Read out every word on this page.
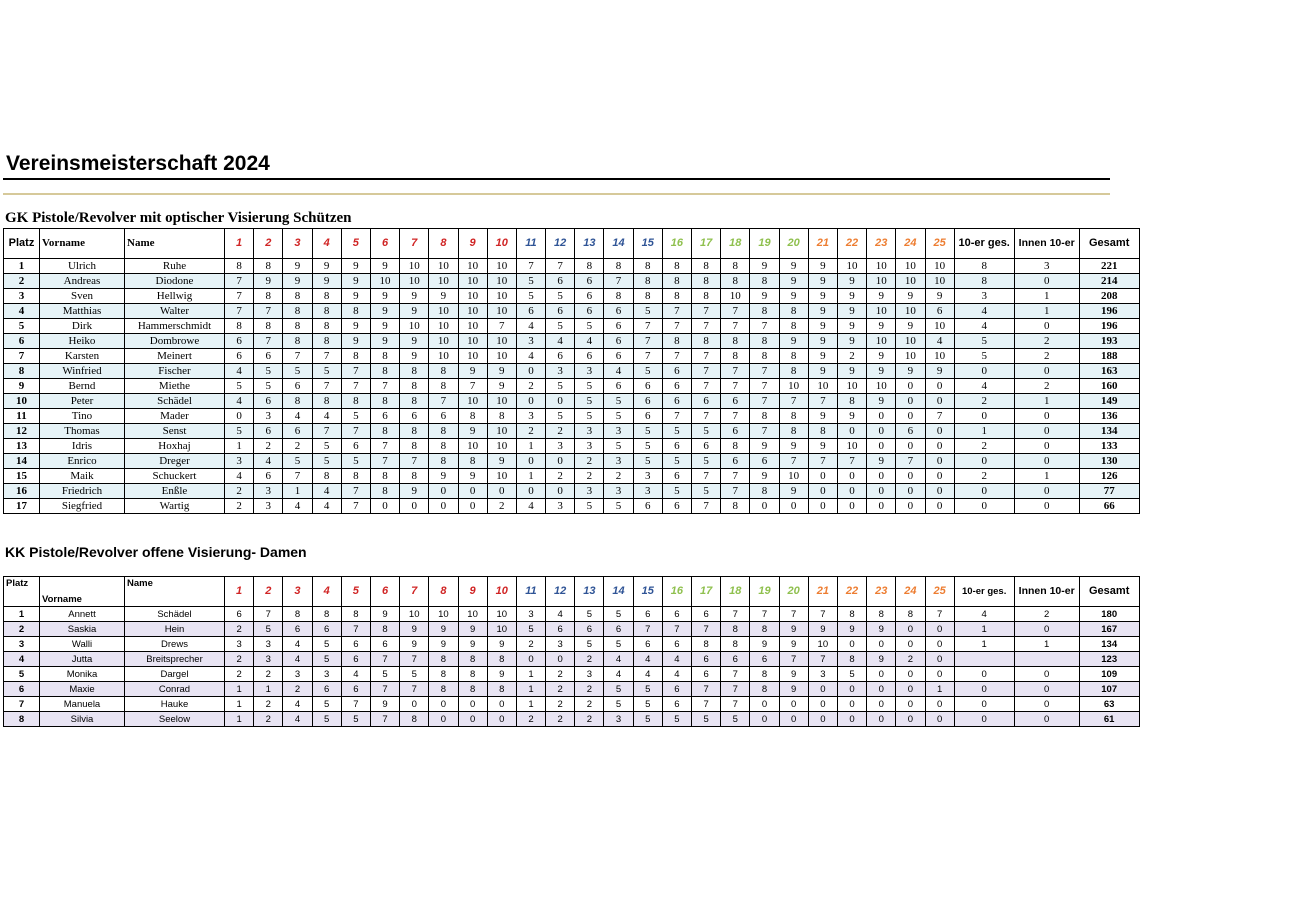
Vereinsmeisterschaft 2024
GK Pistole/Revolver mit optischer Visierung Schützen
Platz	Vorname	Name	1	2	3	4	5	6	7	8	9	10	11	12	13	14	15	16	17	18	19	20	21	22	23	24	25	10-er ges.	Innen 10-er	Gesamt
1	Ulrich	Ruhe	8	8	9	9	9	9	10	10	10	10	7	7	8	8	8	8	8	8	9	9	9	10	10	10	10	8	3	221
2	Andreas	Diodone	7	9	9	9	9	10	10	10	10	10	5	6	6	7	8	8	8	8	8	9	9	9	10	10	10	8	0	214
3	Sven	Hellwig	7	8	8	8	9	9	9	9	10	10	5	5	6	8	8	8	8	10	9	9	9	9	9	9	9	3	1	208
4	Matthias	Walter	7	7	8	8	8	9	9	10	10	10	6	6	6	6	5	7	7	7	8	8	9	9	10	10	6	4	1	196
5	Dirk	Hammerschmidt	8	8	8	8	9	9	10	10	10	7	4	5	5	6	7	7	7	7	7	8	9	9	9	9	10	4	0	196
6	Heiko	Dombrowe	6	7	8	8	9	9	9	10	10	10	3	4	4	6	7	8	8	8	8	9	9	9	10	10	4	5	2	193
7	Karsten	Meinert	6	6	7	7	8	8	9	10	10	10	4	6	6	6	7	7	7	8	8	8	9	2	9	10	10	5	2	188
8	Winfried	Fischer	4	5	5	5	7	8	8	8	9	9	0	3	3	4	5	6	7	7	7	8	9	9	9	9	9	0	0	163
9	Bernd	Miethe	5	5	6	7	7	7	8	8	7	9	2	5	5	6	6	6	7	7	7	10	10	10	10	0	0	4	2	160
10	Peter	Schädel	4	6	8	8	8	8	8	7	10	10	0	0	5	5	6	6	6	6	7	7	7	8	9	0	0	2	1	149
11	Tino	Mader	0	3	4	4	5	6	6	6	8	8	3	5	5	5	6	7	7	7	8	8	9	9	0	0	7	0	0	136
12	Thomas	Senst	5	6	6	7	7	8	8	8	9	10	2	2	3	3	5	5	5	6	7	8	8	0	0	6	0	1	0	134
13	Idris	Hoxhaj	1	2	2	5	6	7	8	8	10	10	1	3	3	5	5	6	6	8	9	9	9	10	0	0	0	2	0	133
14	Enrico	Dreger	3	4	5	5	5	7	7	8	8	9	0	0	2	3	5	5	5	6	6	7	7	7	9	7	0	0	0	130
15	Maik	Schuckert	4	6	7	8	8	8	8	9	9	10	1	2	2	2	3	6	7	7	9	10	0	0	0	0	0	2	1	126
16	Friedrich	Enßle	2	3	1	4	7	8	9	0	0	0	0	0	3	3	3	5	5	7	8	9	0	0	0	0	0	0	0	77
17	Siegfried	Wartig	2	3	4	4	7	0	0	0	0	2	4	3	5	5	6	6	7	8	0	0	0	0	0	0	0	0	0	66
KK Pistole/Revolver offene Visierung- Damen
Platz	Vorname	Name	1	2	3	4	5	6	7	8	9	10	11	12	13	14	15	16	17	18	19	20	21	22	23	24	25	10-er ges.	Innen 10-er	Gesamt
1	Annett	Schädel	6	7	8	8	8	9	10	10	10	10	3	4	5	5	6	6	6	7	7	7	7	8	8	8	7	4	2	180
2	Saskia	Hein	2	5	6	6	7	8	9	9	9	10	5	6	6	6	7	7	7	8	8	9	9	9	9	0	0	1	0	167
3	Walli	Drews	3	3	4	5	6	6	9	9	9	9	2	3	5	5	6	6	8	8	9	9	10	0	0	0	0	1	1	134
4	Jutta	Breitsprecher	2	3	4	5	6	7	7	8	8	8	0	0	2	4	4	4	6	6	6	7	7	8	9	2	0			123
5	Monika	Dargel	2	2	3	3	4	5	5	8	8	9	1	2	3	4	4	4	6	7	8	9	3	5	0	0	0	0	0	109
6	Maxie	Conrad	1	1	2	6	6	7	7	8	8	8	1	2	2	5	5	6	7	7	8	9	0	0	0	0	1	0	0	107
7	Manuela	Hauke	1	2	4	5	7	9	0	0	0	0	1	2	2	5	5	6	7	7	0	0	0	0	0	0	0	0	0	63
8	Silvia	Seelow	1	2	4	5	5	7	8	0	0	0	2	2	2	3	5	5	5	5	0	0	0	0	0	0	0	0	0	61
